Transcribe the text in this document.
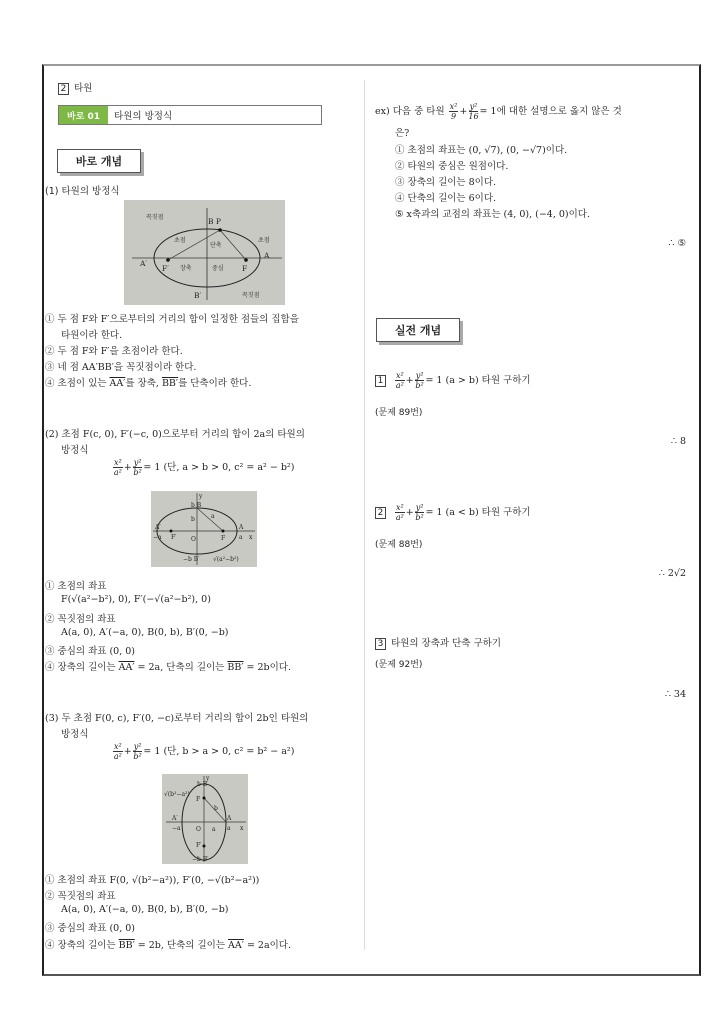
2 타원
바로 01	타원의 방정식
바로 개념
(1) 타원의 방정식
꼭짓점	B P
초점
단축
초점
A′
F′ 장축	중심 F
A
B′	꼭짓점
① 두 점 F와 F′으로부터의 거리의 합이 일정한 점들의 집합을
타원이라 한다.
② 두 점 F와 F′을 초점이라 한다.
③ 네 점 AA′BB′을 꼭짓점이라 한다.
④ 초점이 있는 AA′를 장축, BB′를 단축이라 한다.
(2) 초점 F(c, 0), F′(−c, 0)으로부터 거리의 합이 2a의 타원의
방정식
$\frac{\text{x²}}{\text{a²}} + \frac{\text{y²}}{\text{b²}} = 1$ (단, a > b > 0, c² = a² − b²)
y
b B
b	a
A′
−a F′ O	F
A
a x
−b B′ √(a²−b²)
① 초점의 좌표
F(√(a²−b²), 0), F′(−√(a²−b²), 0)
② 꼭짓점의 좌표
A(a, 0), A′(−a, 0), B(0, b), B′(0, −b)
③ 중심의 좌표 (0, 0)
④ 장축의 길이는 AA′ = 2a, 단축의 길이는 BB′ = 2b이다.
(3) 두 초점 F(0, c), F′(0, −c)로부터 거리의 합이 2b인 타원의
방정식
$\frac{\text{x²}}{\text{a²}} + \frac{\text{y²}}{\text{b²}} = 1$ (단, b > a > 0, c² = b² − a²)
y
b B
F
√(b²−a²)
b
A′
−a	O a
A
a x
F′
−b B′
① 초점의 좌표 F(0, √(b²−a²)), F′(0, −√(b²−a²))
② 꼭짓점의 좌표
A(a, 0), A′(−a, 0), B(0, b), B′(0, −b)
③ 중심의 좌표 (0, 0)
④ 장축의 길이는 BB′ = 2b, 단축의 길이는 AA′ = 2a이다.
ex) 다음 중 타원 $\frac{\text{x²}}{9} + \frac{\text{y²}}{16} = 1$에 대한 설명으로 옳지 않은 것
은?
① 초점의 좌표는 (0, √7), (0, −√7)이다.
② 타원의 중심은 원점이다.
③ 장축의 길이는 8이다.
④ 단축의 길이는 6이다.
⑤ x축과의 교점의 좌표는 (4, 0), (−4, 0)이다.
∴ ⑤
실전 개념
$1 \frac{\text{x²}}{\text{a²}} + \frac{\text{y²}}{\text{b²}} = 1$ (a > b) 타원 구하기
(문제 89번)
∴ 8
$2 \frac{\text{x²}}{\text{a²}} + \frac{\text{y²}}{\text{b²}} = 1$ (a < b) 타원 구하기
(문제 88번)
∴ 2√2
3 타원의 장축과 단축 구하기
(문제 92번)
∴ 34
